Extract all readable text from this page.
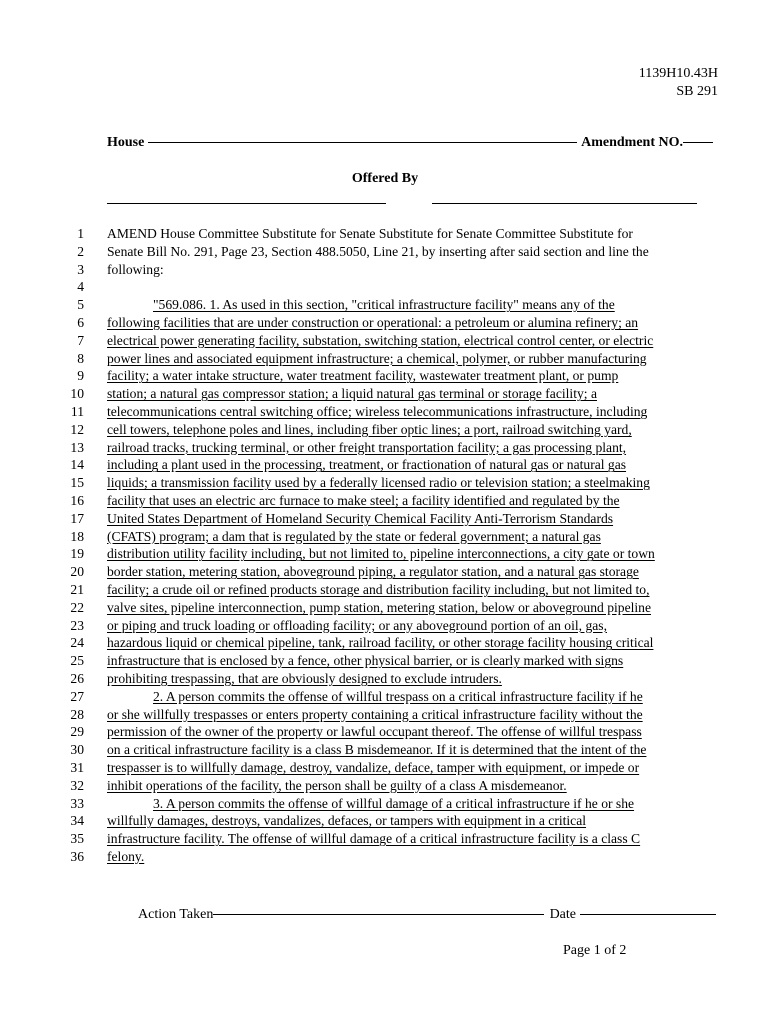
1139H10.43H
SB 291
House	Amendment NO.
Offered By
1 AMEND House Committee Substitute for Senate Substitute for Senate Committee Substitute for
2 Senate Bill No. 291, Page 23, Section 488.5050, Line 21, by inserting after said section and line the
3 following:
4
5	"569.086. 1. As used in this section, "critical infrastructure facility" means any of the
6 following facilities that are under construction or operational: a petroleum or alumina refinery; an
7 electrical power generating facility, substation, switching station, electrical control center, or electric
8 power lines and associated equipment infrastructure; a chemical, polymer, or rubber manufacturing
9 facility; a water intake structure, water treatment facility, wastewater treatment plant, or pump
10 station; a natural gas compressor station; a liquid natural gas terminal or storage facility; a
11 telecommunications central switching office; wireless telecommunications infrastructure, including
12 cell towers, telephone poles and lines, including fiber optic lines; a port, railroad switching yard,
13 railroad tracks, trucking terminal, or other freight transportation facility; a gas processing plant,
14 including a plant used in the processing, treatment, or fractionation of natural gas or natural gas
15 liquids; a transmission facility used by a federally licensed radio or television station; a steelmaking
16 facility that uses an electric arc furnace to make steel; a facility identified and regulated by the
17 United States Department of Homeland Security Chemical Facility Anti-Terrorism Standards
18 (CFATS) program; a dam that is regulated by the state or federal government; a natural gas
19 distribution utility facility including, but not limited to, pipeline interconnections, a city gate or town
20 border station, metering station, aboveground piping, a regulator station, and a natural gas storage
21 facility; a crude oil or refined products storage and distribution facility including, but not limited to,
22 valve sites, pipeline interconnection, pump station, metering station, below or aboveground pipeline
23 or piping and truck loading or offloading facility; or any aboveground portion of an oil, gas,
24 hazardous liquid or chemical pipeline, tank, railroad facility, or other storage facility housing critical
25 infrastructure that is enclosed by a fence, other physical barrier, or is clearly marked with signs
26 prohibiting trespassing, that are obviously designed to exclude intruders.
27	2. A person commits the offense of willful trespass on a critical infrastructure facility if he
28 or she willfully trespasses or enters property containing a critical infrastructure facility without the
29 permission of the owner of the property or lawful occupant thereof. The offense of willful trespass
30 on a critical infrastructure facility is a class B misdemeanor. If it is determined that the intent of the
31 trespasser is to willfully damage, destroy, vandalize, deface, tamper with equipment, or impede or
32 inhibit operations of the facility, the person shall be guilty of a class A misdemeanor.
33	3. A person commits the offense of willful damage of a critical infrastructure if he or she
34 willfully damages, destroys, vandalizes, defaces, or tampers with equipment in a critical
35 infrastructure facility. The offense of willful damage of a critical infrastructure facility is a class C
36 felony.
Action Taken	Date
Page 1 of 2
